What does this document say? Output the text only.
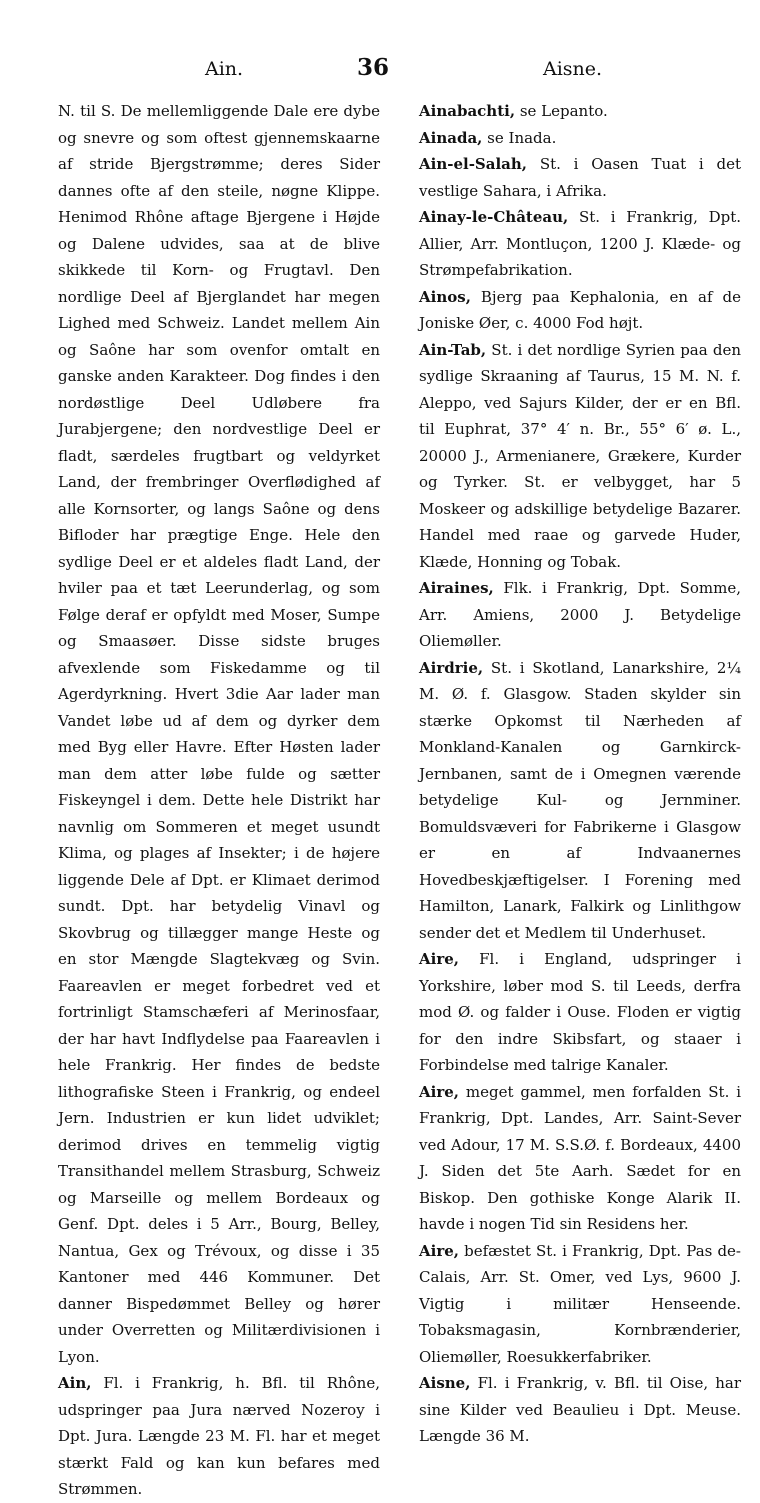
Ain.	36	Aisne.

N. til S. De mellemliggende Dale ere dybe og snevre og som oftest gjennemskaarne af stride Bjergstrømme; deres Sider dannes ofte af den steile, nøgne Klippe. Henimod Rhône aftage Bjergene i Højde og Dalene udvides, saa at de blive skikkede til Korn- og Frugtavl. Den nordlige Deel af Bjerglandet har megen Lighed med Schweiz. Landet mellem Ain og Saône har som ovenfor omtalt en ganske anden Karakteer. Dog findes i den nordøstlige Deel Udløbere fra Jurabjergene; den nordvestlige Deel er fladt, særdeles frugtbart og veldyrket Land, der frembringer Overflødighed af alle Kornsorter, og langs Saône og dens Bifloder har prægtige Enge. Hele den sydlige Deel er et aldeles fladt Land, der hviler paa et tæt Leerunderlag, og som Følge deraf er opfyldt med Moser, Sumpe og Smaasøer. Disse sidste bruges afvexlende som Fiskedamme og til Agerdyrkning. Hvert 3die Aar lader man Vandet løbe ud af dem og dyrker dem med Byg eller Havre. Efter Høsten lader man dem atter løbe fulde og sætter Fiskeyngel i dem. Dette hele Distrikt har navnlig om Sommeren et meget usundt Klima, og plages af Insekter; i de højere liggende Dele af Dpt. er Klimaet derimod sundt. Dpt. har betydelig Vinavl og Skovbrug og tillægger mange Heste og en stor Mængde Slagtekvæg og Svin. Faareavlen er meget forbedret ved et fortrinligt Stamschæferi af Merinosfaar, der har havt Indflydelse paa Faareavlen i hele Frankrig. Her findes de bedste lithografiske Steen i Frankrig, og endeel Jern. Industrien er kun lidet udviklet; derimod drives en temmelig vigtig Transithandel mellem Strasburg, Schweiz og Marseille og mellem Bordeaux og Genf. Dpt. deles i 5 Arr., Bourg, Belley, Nantua, Gex og Trévoux, og disse i 35 Kantoner med 446 Kommuner. Det danner Bispedømmet Belley og hører under Overretten og Militærdivisionen i Lyon.

Ain, Fl. i Frankrig, h. Bfl. til Rhône, udspringer paa Jura nærved Nozeroy i Dpt. Jura. Længde 23 M. Fl. har et meget stærkt Fald og kan kun befares med Strømmen.

Ainabachti, se Lepanto.

Ainada, se Inada.

Ain-el-Salah, St. i Oasen Tuat i det vestlige Sahara, i Afrika.

Ainay-le-Château, St. i Frankrig, Dpt. Allier, Arr. Montluçon, 1200 J. Klæde- og Strømpefabrikation.

Ainos, Bjerg paa Kephalonia, en af de Joniske Øer, c. 4000 Fod højt.

Ain-Tab, St. i det nordlige Syrien paa den sydlige Skraaning af Taurus, 15 M. N. f. Aleppo, ved Sajurs Kilder, der er en Bfl. til Euphrat, 37° 4′ n. Br., 55° 6′ ø. L., 20000 J., Armenianere, Grækere, Kurder og Tyrker. St. er velbygget, har 5 Moskeer og adskillige betydelige Bazarer. Handel med raae og garvede Huder, Klæde, Honning og Tobak.

Airaines, Flk. i Frankrig, Dpt. Somme, Arr. Amiens, 2000 J. Betydelige Oliemøller.

Airdrie, St. i Skotland, Lanarkshire, 2¼ M. Ø. f. Glasgow. Staden skylder sin stærke Opkomst til Nærheden af Monkland-Kanalen og Garnkirck-Jernbanen, samt de i Omegnen værende betydelige Kul- og Jernminer. Bomuldsvæveri for Fabrikerne i Glasgow er en af Indvaanernes Hovedbeskjæftigelser. I Forening med Hamilton, Lanark, Falkirk og Linlithgow sender det et Medlem til Underhuset.

Aire, Fl. i England, udspringer i Yorkshire, løber mod S. til Leeds, derfra mod Ø. og falder i Ouse. Floden er vigtig for den indre Skibsfart, og staaer i Forbindelse med talrige Kanaler.

Aire, meget gammel, men forfalden St. i Frankrig, Dpt. Landes, Arr. Saint-Sever ved Adour, 17 M. S.S.Ø. f. Bordeaux, 4400 J. Siden det 5te Aarh. Sædet for en Biskop. Den gothiske Konge Alarik II. havde i nogen Tid sin Residens her.

Aire, befæstet St. i Frankrig, Dpt. Pas de-Calais, Arr. St. Omer, ved Lys, 9600 J. Vigtig i militær Henseende. Tobaksmagasin, Kornbrænderier, Oliemøller, Roesukkerfabriker.

Aisne, Fl. i Frankrig, v. Bfl. til Oise, har sine Kilder ved Beaulieu i Dpt. Meuse. Længde 36 M.
